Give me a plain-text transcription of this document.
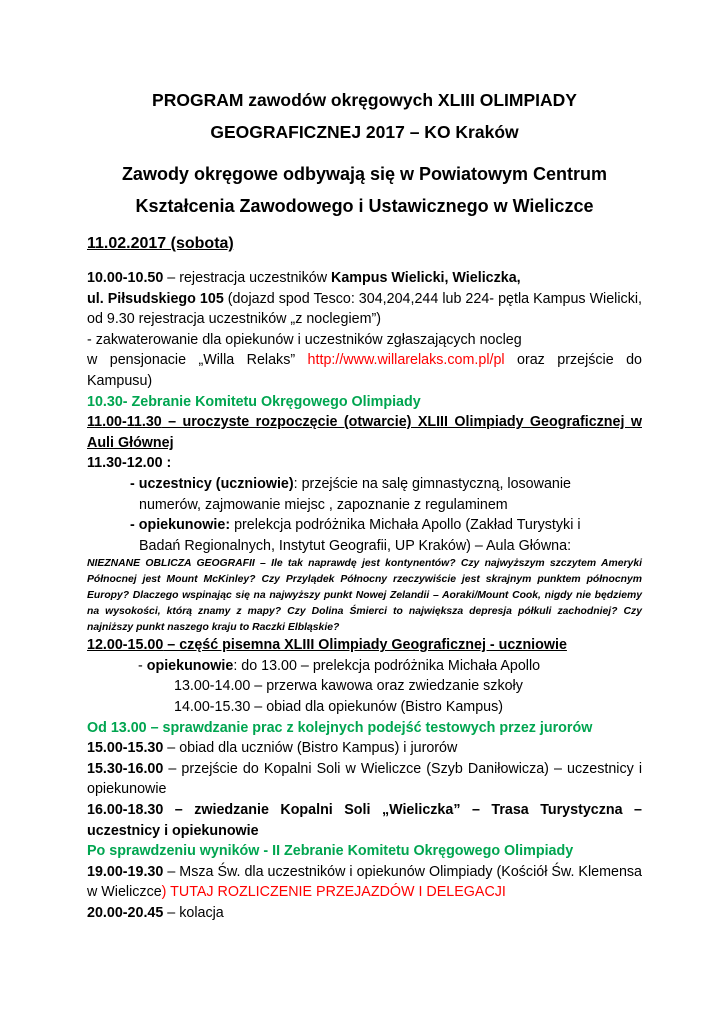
PROGRAM zawodów okręgowych XLIII OLIMPIADY
GEOGRAFICZNEJ 2017 – KO Kraków

Zawody okręgowe odbywają się w Powiatowym Centrum
Kształcenia Zawodowego i Ustawicznego w Wieliczce

11.02.2017 (sobota)

10.00-10.50 – rejestracja uczestników Kampus Wielicki, Wieliczka,
ul. Piłsudskiego 105 (dojazd spod Tesco: 304,204,244 lub 224- pętla Kampus Wielicki, od 9.30 rejestracja uczestników „z noclegiem”)
- zakwaterowanie dla opiekunów i uczestników zgłaszających nocleg
w pensjonacie „Willa Relaks” http://www.willarelaks.com.pl/pl oraz przejście do Kampusu)
10.30- Zebranie Komitetu Okręgowego Olimpiady
11.00-11.30 – uroczyste rozpoczęcie (otwarcie) XLIII Olimpiady Geograficznej w Auli Głównej
11.30-12.00 :
- uczestnicy (uczniowie): przejście na salę gimnastyczną, losowanie
numerów, zajmowanie miejsc , zapoznanie z regulaminem
- opiekunowie: prelekcja podróżnika Michała Apollo (Zakład Turystyki i
Badań Regionalnych, Instytut Geografii, UP Kraków) – Aula Główna:
NIEZNANE OBLICZA GEOGRAFII – Ile tak naprawdę jest kontynentów? Czy najwyższym szczytem Ameryki Północnej jest Mount McKinley? Czy Przylądek Północny rzeczywiście jest skrajnym punktem północnym Europy? Dlaczego wspinając się na najwyższy punkt Nowej Zelandii – Aoraki/Mount Cook, nigdy nie będziemy na wysokości, którą znamy z mapy? Czy Dolina Śmierci to największa depresja półkuli zachodniej? Czy najniższy punkt naszego kraju to Raczki Elbląskie?
12.00-15.00 – część pisemna XLIII Olimpiady Geograficznej - uczniowie
- opiekunowie: do 13.00 – prelekcja podróżnika Michała Apollo
13.00-14.00 – przerwa kawowa oraz zwiedzanie szkoły
14.00-15.30 – obiad dla opiekunów (Bistro Kampus)
Od 13.00 – sprawdzanie prac z kolejnych podejść testowych przez jurorów
15.00-15.30 – obiad dla uczniów (Bistro Kampus) i jurorów
15.30-16.00 – przejście do Kopalni Soli w Wieliczce (Szyb Daniłowicza) – uczestnicy i opiekunowie
16.00-18.30 – zwiedzanie Kopalni Soli „Wieliczka” – Trasa Turystyczna – uczestnicy i opiekunowie
Po sprawdzeniu wyników - II Zebranie Komitetu Okręgowego Olimpiady
19.00-19.30 – Msza Św. dla uczestników i opiekunów Olimpiady (Kościół Św. Klemensa w Wieliczce) TUTAJ ROZLICZENIE PRZEJAZDÓW I DELEGACJI
20.00-20.45 – kolacja
